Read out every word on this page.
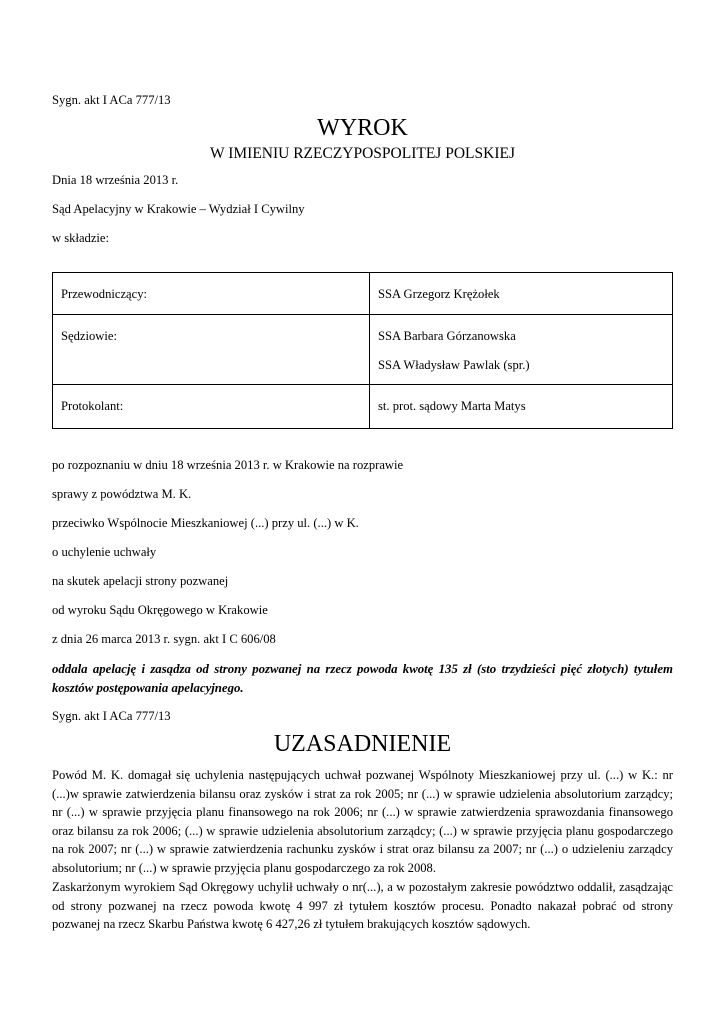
Sygn. akt I ACa 777/13
WYROK
W IMIENIU RZECZYPOSPOLITEJ POLSKIEJ
Dnia 18 września 2013 r.
Sąd Apelacyjny w Krakowie – Wydział I Cywilny
w składzie:
Przewodniczący:	SSA Grzegorz Krężołek
Sędziowie:	SSA Barbara Górzanowska
SSA Władysław Pawlak (spr.)

Protokolant:	st. prot. sądowy Marta Matys
po rozpoznaniu w dniu 18 września 2013 r. w Krakowie na rozprawie
sprawy z powództwa M. K.
przeciwko Wspólnocie Mieszkaniowej (...) przy ul. (...) w K.
o uchylenie uchwały
na skutek apelacji strony pozwanej
od wyroku Sądu Okręgowego w Krakowie
z dnia 26 marca 2013 r. sygn. akt I C 606/08
oddala apelację i zasądza od strony pozwanej na rzecz powoda kwotę 135 zł (sto trzydzieści pięć złotych) tytułem kosztów postępowania apelacyjnego.
Sygn. akt I ACa 777/13
UZASADNIENIE
Powód M. K. domagał się uchylenia następujących uchwał pozwanej Wspólnoty Mieszkaniowej przy ul. (...) w K.: nr (...)w sprawie zatwierdzenia bilansu oraz zysków i strat za rok 2005; nr (...) w sprawie udzielenia absolutorium zarządcy; nr (...) w sprawie przyjęcia planu finansowego na rok 2006; nr (...) w sprawie zatwierdzenia sprawozdania finansowego oraz bilansu za rok 2006; (...) w sprawie udzielenia absolutorium zarządcy; (...) w sprawie przyjęcia planu gospodarczego na rok 2007; nr (...) w sprawie zatwierdzenia rachunku zysków i strat oraz bilansu za 2007; nr (...) o udzieleniu zarządcy absolutorium; nr (...) w sprawie przyjęcia planu gospodarczego za rok 2008.
Zaskarżonym wyrokiem Sąd Okręgowy uchylił uchwały o nr(...), a w pozostałym zakresie powództwo oddalił, zasądzając od strony pozwanej na rzecz powoda kwotę 4 997 zł tytułem kosztów procesu. Ponadto nakazał pobrać od strony pozwanej na rzecz Skarbu Państwa kwotę 6 427,26 zł tytułem brakujących kosztów sądowych.
